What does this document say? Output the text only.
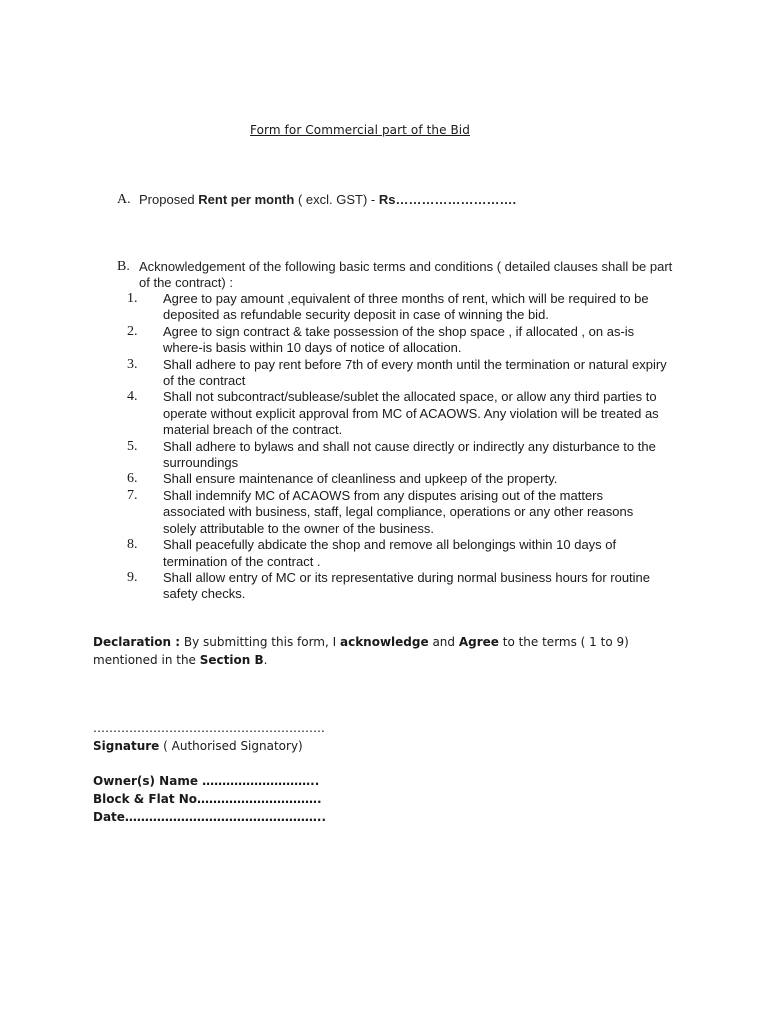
Form for Commercial part of the Bid
A. Proposed Rent per month ( excl. GST) - Rs……………………….
B. Acknowledgement of the following basic terms and conditions ( detailed clauses shall be part of the contract) :
1. Agree to pay amount ,equivalent of three months of rent, which will be required to be deposited as refundable security deposit in case of winning the bid.
2. Agree to sign contract & take possession of the shop space , if allocated , on as-is where-is basis within 10 days of notice of allocation.
3. Shall adhere to pay rent before 7th of every month until the termination or natural expiry of the contract
4. Shall not subcontract/sublease/sublet the allocated space, or allow any third parties to operate without explicit approval from MC of ACAOWS. Any violation will be treated as material breach of the contract.
5. Shall adhere to bylaws and shall not cause directly or indirectly any disturbance to the surroundings
6. Shall ensure maintenance of cleanliness and upkeep of the property.
7. Shall indemnify MC of ACAOWS from any disputes arising out of the matters associated with business, staff, legal compliance, operations or any other reasons solely attributable to the owner of the business.
8. Shall peacefully abdicate the shop and remove all belongings within 10 days of termination of the contract .
9. Shall allow entry of MC or its representative during normal business hours for routine safety checks.
Declaration : By submitting this form, I acknowledge and Agree to the terms ( 1 to 9) mentioned in the Section B.
………………………………………………….
Signature ( Authorised Signatory)
Owner(s) Name ………………………..
Block & Flat No………………………….
Date…………………………………………..
